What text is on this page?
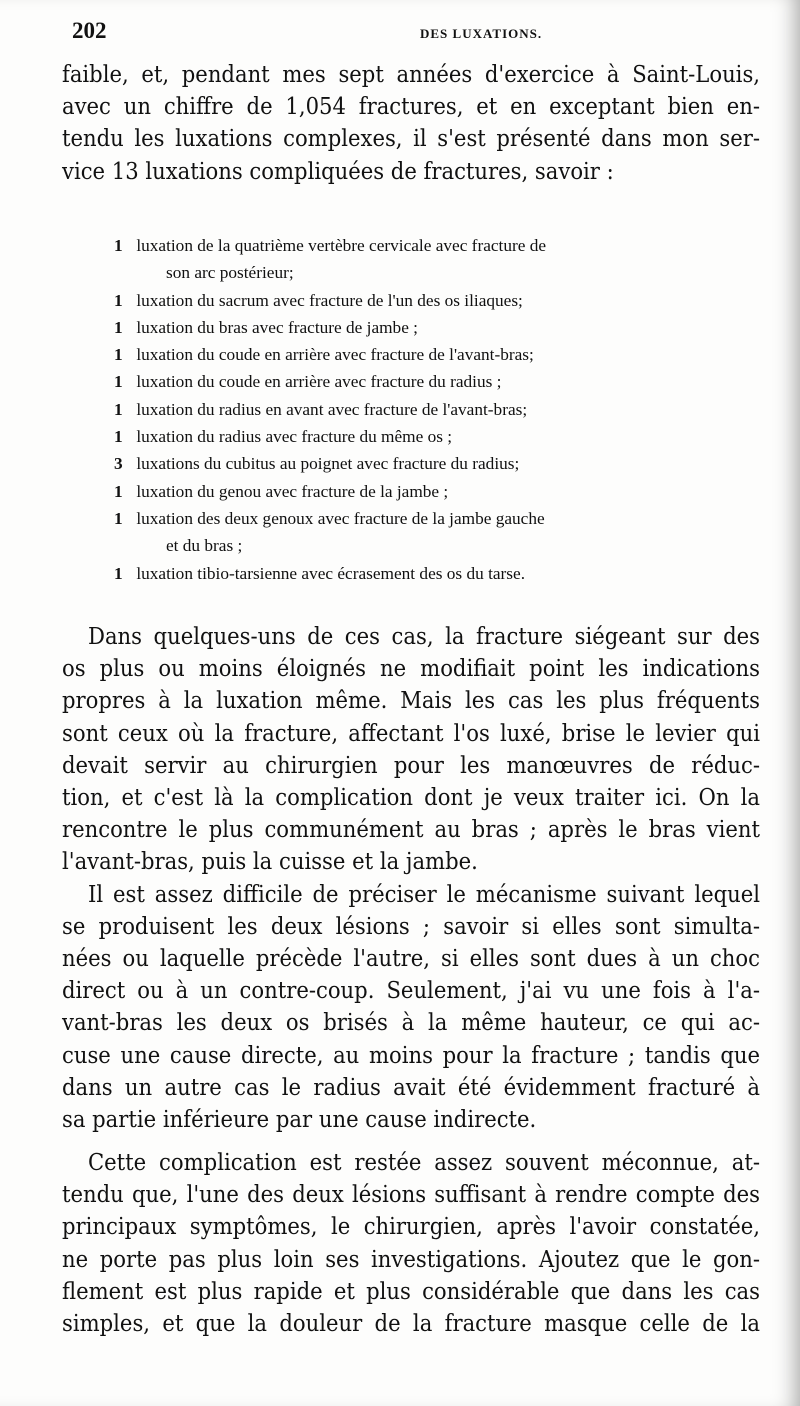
202	DES LUXATIONS.

faible, et, pendant mes sept années d'exercice à Saint-Louis,
avec un chiffre de 1,054 fractures, et en exceptant bien en-
tendu les luxations complexes, il s'est présenté dans mon ser-
vice 13 luxations compliquées de fractures, savoir :

1 luxation de la quatrième vertèbre cervicale avec fracture de
son arc postérieur;
1 luxation du sacrum avec fracture de l'un des os iliaques;
1 luxation du bras avec fracture de jambe ;
1 luxation du coude en arrière avec fracture de l'avant-bras;
1 luxation du coude en arrière avec fracture du radius ;
1 luxation du radius en avant avec fracture de l'avant-bras;
1 luxation du radius avec fracture du même os ;
3 luxations du cubitus au poignet avec fracture du radius;
1 luxation du genou avec fracture de la jambe ;
1 luxation des deux genoux avec fracture de la jambe gauche
et du bras ;
1 luxation tibio-tarsienne avec écrasement des os du tarse.

Dans quelques-uns de ces cas, la fracture siégeant sur des
os plus ou moins éloignés ne modifiait point les indications
propres à la luxation même. Mais les cas les plus fréquents
sont ceux où la fracture, affectant l'os luxé, brise le levier qui
devait servir au chirurgien pour les manœuvres de réduc-
tion, et c'est là la complication dont je veux traiter ici. On la
rencontre le plus communément au bras ; après le bras vient
l'avant-bras, puis la cuisse et la jambe.
Il est assez difficile de préciser le mécanisme suivant lequel
se produisent les deux lésions ; savoir si elles sont simulta-
nées ou laquelle précède l'autre, si elles sont dues à un choc
direct ou à un contre-coup. Seulement, j'ai vu une fois à l'a-
vant-bras les deux os brisés à la même hauteur, ce qui ac-
cuse une cause directe, au moins pour la fracture ; tandis que
dans un autre cas le radius avait été évidemment fracturé à
sa partie inférieure par une cause indirecte.

Cette complication est restée assez souvent méconnue, at-
tendu que, l'une des deux lésions suffisant à rendre compte des
principaux symptômes, le chirurgien, après l'avoir constatée,
ne porte pas plus loin ses investigations. Ajoutez que le gon-
flement est plus rapide et plus considérable que dans les cas
simples, et que la douleur de la fracture masque celle de la
